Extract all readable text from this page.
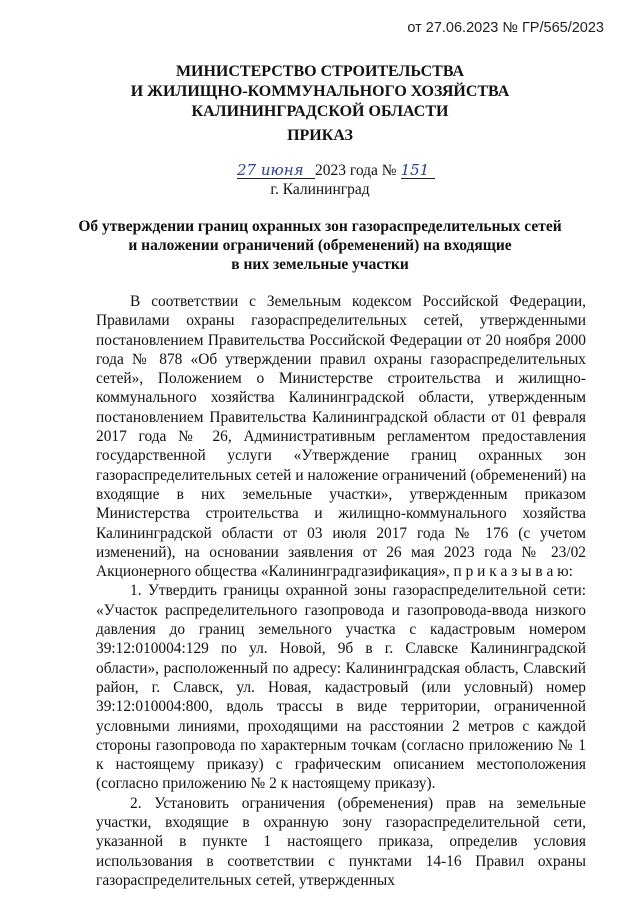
от 27.06.2023 № ГР/565/2023
МИНИСТЕРСТВО СТРОИТЕЛЬСТВА
И ЖИЛИЩНО-КОММУНАЛЬНОГО ХОЗЯЙСТВА
КАЛИНИНГРАДСКОЙ ОБЛАСТИ
ПРИКАЗ
27 июня 2023 года № 151
г. Калининград
Об утверждении границ охранных зон газораспределительных сетей
и наложении ограничений (обременений) на входящие
в них земельные участки

В соответствии с Земельным кодексом Российской Федерации, Правилами охраны газораспределительных сетей, утвержденными постановлением Правительства Российской Федерации от 20 ноября 2000 года № 878 «Об утверждении правил охраны газораспределительных сетей», Положением о Министерстве строительства и жилищно-коммунального хозяйства Калининградской области, утвержденным постановлением Правительства Калининградской области от 01 февраля 2017 года № 26, Административным регламентом предоставления государственной услуги «Утверждение границ охранных зон газораспределительных сетей и наложение ограничений (обременений) на входящие в них земельные участки», утвержденным приказом Министерства строительства и жилищно-коммунального хозяйства Калининградской области от 03 июля 2017 года № 176 (с учетом изменений), на основании заявления от 26 мая 2023 года № 23/02 Акционерного общества «Калининградгазификация», п р и к а з ы в а ю:

1. Утвердить границы охранной зоны газораспределительной сети: «Участок распределительного газопровода и газопровода-ввода низкого давления до границ земельного участка с кадастровым номером 39:12:010004:129 по ул. Новой, 9б в г. Славске Калининградской области», расположенный по адресу: Калининградская область, Славский район, г. Славск, ул. Новая, кадастровый (или условный) номер 39:12:010004:800, вдоль трассы в виде территории, ограниченной условными линиями, проходящими на расстоянии 2 метров с каждой стороны газопровода по характерным точкам (согласно приложению № 1 к настоящему приказу) с графическим описанием местоположения (согласно приложению № 2 к настоящему приказу).

2. Установить ограничения (обременения) прав на земельные участки, входящие в охранную зону газораспределительной сети, указанной в пункте 1 настоящего приказа, определив условия использования в соответствии с пунктами 14-16 Правил охраны газораспределительных сетей, утвержденных
